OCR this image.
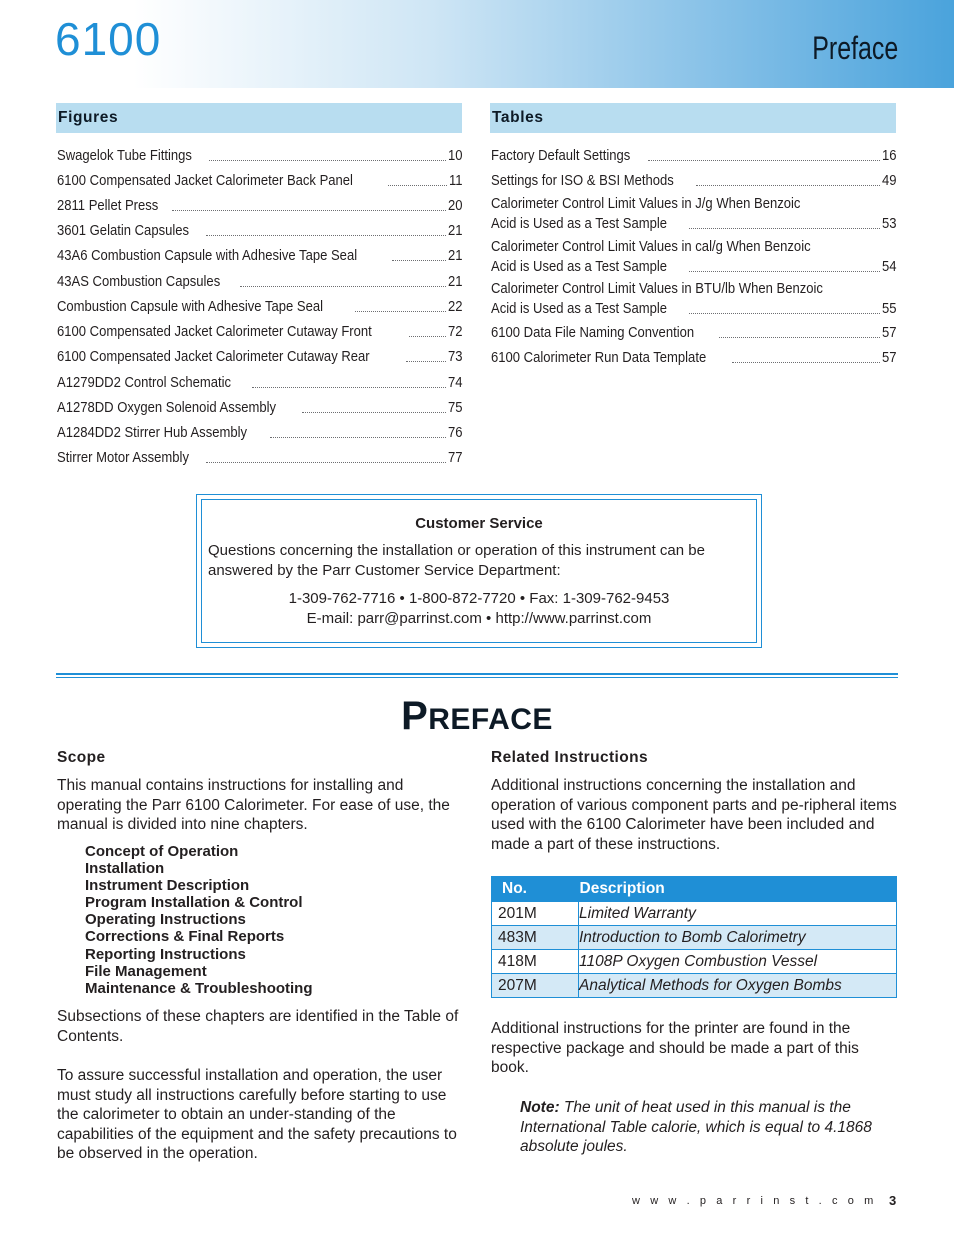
6100	Preface
Figures
Swagelok Tube Fittings	10
6100 Compensated Jacket Calorimeter Back Panel	11
2811 Pellet Press	20
3601 Gelatin Capsules	21
43A6 Combustion Capsule with Adhesive Tape Seal	21
43AS Combustion Capsules	21
Combustion Capsule with Adhesive Tape Seal	22
6100 Compensated Jacket Calorimeter Cutaway Front	72
6100 Compensated Jacket Calorimeter Cutaway Rear	73
A1279DD2 Control Schematic	74
A1278DD Oxygen Solenoid Assembly	75
A1284DD2 Stirrer Hub Assembly	76
Stirrer Motor Assembly	77
Tables
Factory Default Settings	16
Settings for ISO & BSI Methods	49
Calorimeter Control Limit Values in J/g When Benzoic
Acid is Used as a Test Sample	53
Calorimeter Control Limit Values in cal/g When Benzoic
Acid is Used as a Test Sample	54
Calorimeter Control Limit Values in BTU/lb When Benzoic
Acid is Used as a Test Sample	55
6100 Data File Naming Convention	57
6100 Calorimeter Run Data Template	57
Customer Service
Questions concerning the installation or operation of this instrument can be answered by the Parr Customer Service Department:
1-309-762-7716 • 1-800-872-7720 • Fax: 1-309-762-9453
E-mail: parr@parrinst.com • http://www.parrinst.com
PREFACE
Scope
This manual contains instructions for installing and operating the Parr 6100 Calorimeter. For ease of use, the manual is divided into nine chapters.
Concept of Operation
Installation
Instrument Description
Program Installation & Control
Operating Instructions
Corrections & Final Reports
Reporting Instructions
File Management
Maintenance & Troubleshooting
Subsections of these chapters are identified in the Table of Contents.
To assure successful installation and operation, the user must study all instructions carefully before starting to use the calorimeter to obtain an under-standing of the capabilities of the equipment and the safety precautions to be observed in the operation.
Related Instructions
Additional instructions concerning the installation and operation of various component parts and pe-ripheral items used with the 6100 Calorimeter have been included and made a part of these instructions.
No.	Description
201M	Limited Warranty
483M	Introduction to Bomb Calorimetry
418M	1108P Oxygen Combustion Vessel
207M	Analytical Methods for Oxygen Bombs
Additional instructions for the printer are found in the respective package and should be made a part of this book.
Note: The unit of heat used in this manual is the International Table calorie, which is equal to 4.1868 absolute joules.
w w w . p a r r i n s t . c o m 3
